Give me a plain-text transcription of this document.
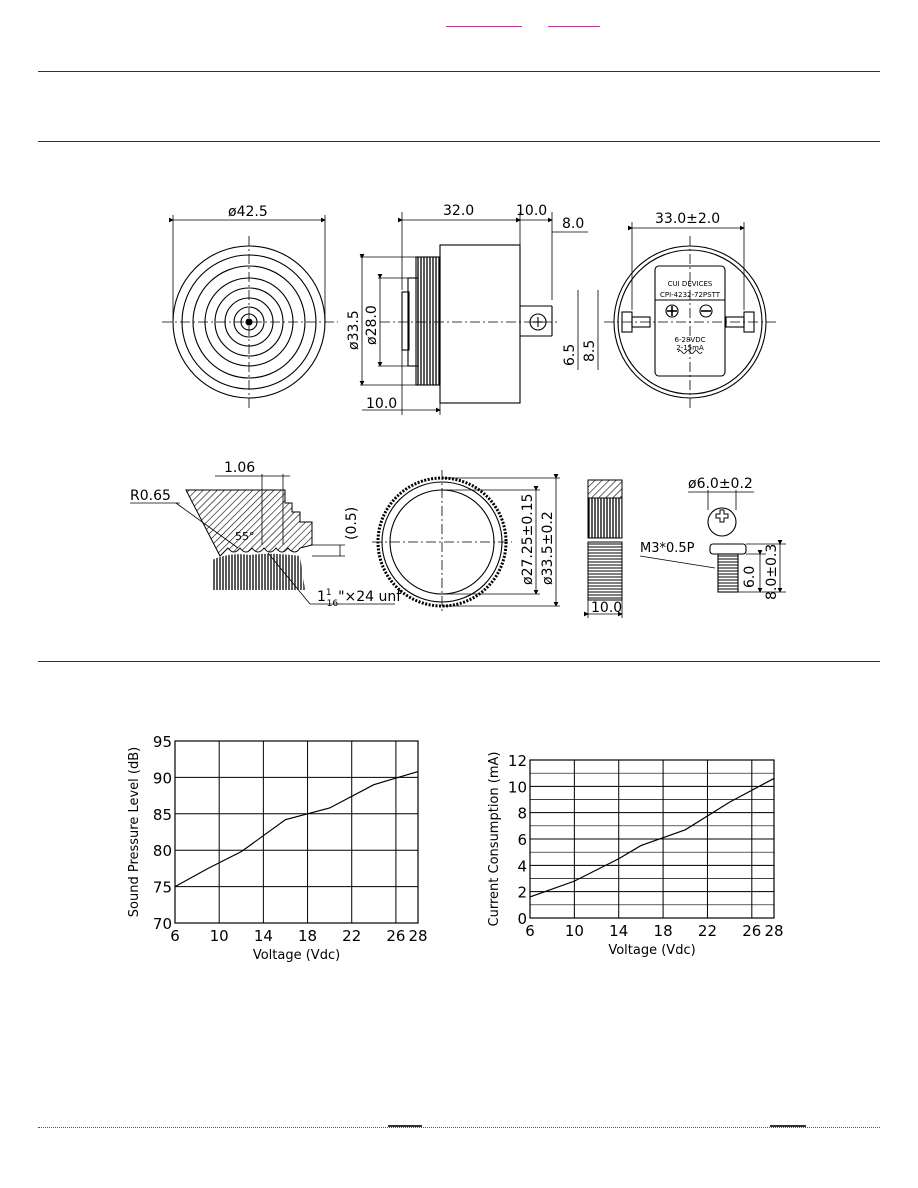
ø42.5	32.0	10.0
8.0
ø33.5 ø28.0
10.0
6.5 8.5
33.0±2.0
CUI DEVICES
CPI-4232-72PSTT
6-28VDC
2-15mA
1.06
R0.65
55°	(0.5)
$1^1$ 16"×24 unf
ø27.25±0.15 ø33.5±0.2
10.0
ø6.0±0.2
M3*0.5P
6.0 8.0±0.3
6 10 14 18 22 26 28
70
75
80
85
90
95
Voltage (Vdc)
Sound Pressure Level (dB)
6 10 14 18 22 26 28
0
2
4
6
8
10
12
Voltage (Vdc)
Current Consumption (mA)
